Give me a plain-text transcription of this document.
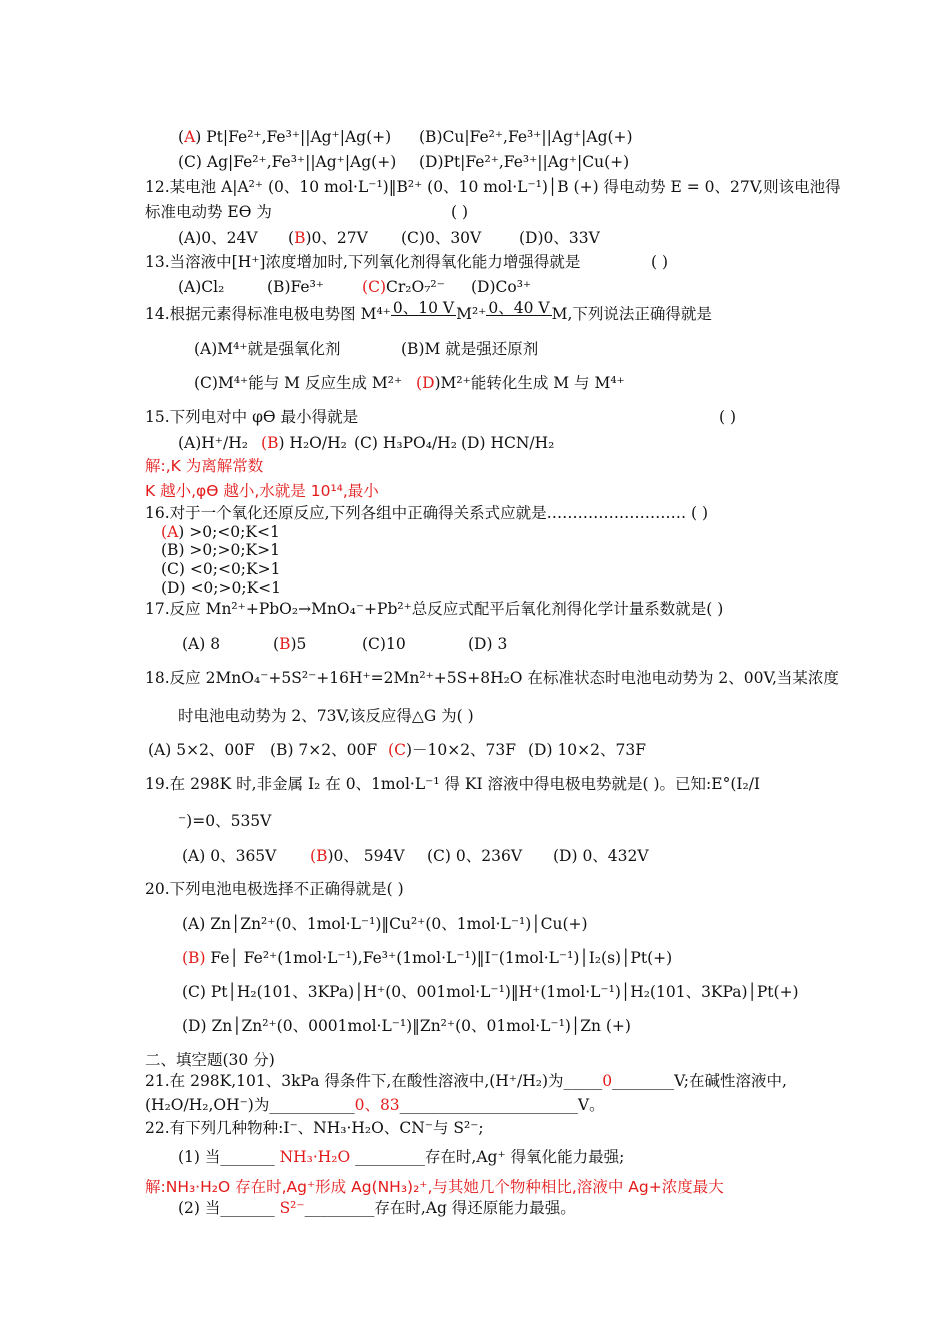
(A) Pt|Fe²⁺,Fe³⁺||Ag⁺|Ag(+) (B)Cu|Fe²⁺,Fe³⁺||Ag⁺|Ag(+)
(C) Ag|Fe²⁺,Fe³⁺||Ag⁺|Ag(+) (D)Pt|Fe²⁺,Fe³⁺||Ag⁺|Cu(+)
12.某电池 A|A²⁺ (0、10 mol·L⁻¹)‖B²⁺ (0、10 mol·L⁻¹)│B (+) 得电动势 E = 0、27V,则该电池得
标准电动势 Eϴ 为	( )
(A)0、24V (B)0、27V (C)0、30V (D)0、33V
13.当溶液中[H⁺]浓度增加时,下列氧化剂得氧化能力增强得就是	( )
(A)Cl₂	(B)Fe³⁺ (C)Cr₂O₇²⁻ (D)Co³⁺
14.根据元素得标准电极电势图 M⁴⁺ 0、10 V M²⁺ 0、40 V M,下列说法正确得就是
(A)M⁴⁺就是强氧化剂	(B)M 就是强还原剂
(C)M⁴⁺能与 M 反应生成 M²⁺ (D)M²⁺能转化生成 M 与 M⁴⁺
15.下列电对中 φϴ 最小得就是	( )
(A)H⁺/H₂ (B) H₂O/H₂ (C) H₃PO₄/H₂ (D) HCN/H₂
解:,K 为离解常数
K 越小,φϴ 越小,水就是 10¹⁴,最小
16.对于一个氧化还原反应,下列各组中正确得关系式应就是……………………… ( )
(A) >0;<0;K<1
(B) >0;>0;K>1
(C) <0;<0;K>1
(D) <0;>0;K<1
17.反应 Mn²⁺+PbO₂→MnO₄⁻+Pb²⁺总反应式配平后氧化剂得化学计量系数就是( )
(A) 8	(B)5	(C)10	(D) 3
18.反应 2MnO₄⁻+5S²⁻+16H⁺=2Mn²⁺+5S+8H₂O 在标准状态时电池电动势为 2、00V,当某浓度
时电池电动势为 2、73V,该反应得△G 为( )
(A) 5×2、00F (B) 7×2、00F (C)－10×2、73F (D) 10×2、73F
19.在 298K 时,非金属 I₂ 在 0、1mol·L⁻¹ 得 KI 溶液中得电极电势就是( )。已知:E°(I₂/I
⁻)=0、535V
(A) 0、365V (B)0、 594V (C) 0、236V (D) 0、432V
20.下列电池电极选择不正确得就是( )
(A) Zn│Zn²⁺(0、1mol·L⁻¹)‖Cu²⁺(0、1mol·L⁻¹)│Cu(+)
(B) Fe│ Fe²⁺(1mol·L⁻¹),Fe³⁺(1mol·L⁻¹)‖I⁻(1mol·L⁻¹)│I₂(s)│Pt(+)
(C) Pt│H₂(101、3KPa)│H⁺(0、001mol·L⁻¹)‖H⁺(1mol·L⁻¹)│H₂(101、3KPa)│Pt(+)
(D) Zn│Zn²⁺(0、0001mol·L⁻¹)‖Zn²⁺(0、01mol·L⁻¹)│Zn (+)
二、填空题(30 分)
21.在 298K,101、3kPa 得条件下,在酸性溶液中,(H⁺/H₂)为_____0________V;在碱性溶液中,
(H₂O/H₂,OH⁻)为___________0、83_______________________V。
22.有下列几种物种:I⁻、NH₃·H₂O、CN⁻与 S²⁻;
(1) 当_______ NH₃·H₂O _________存在时,Ag⁺ 得氧化能力最强;
解:NH₃·H₂O 存在时,Ag⁺形成 Ag(NH₃)₂⁺,与其她几个物种相比,溶液中 Ag+浓度最大
(2) 当_______ S²⁻_________存在时,Ag 得还原能力最强。
